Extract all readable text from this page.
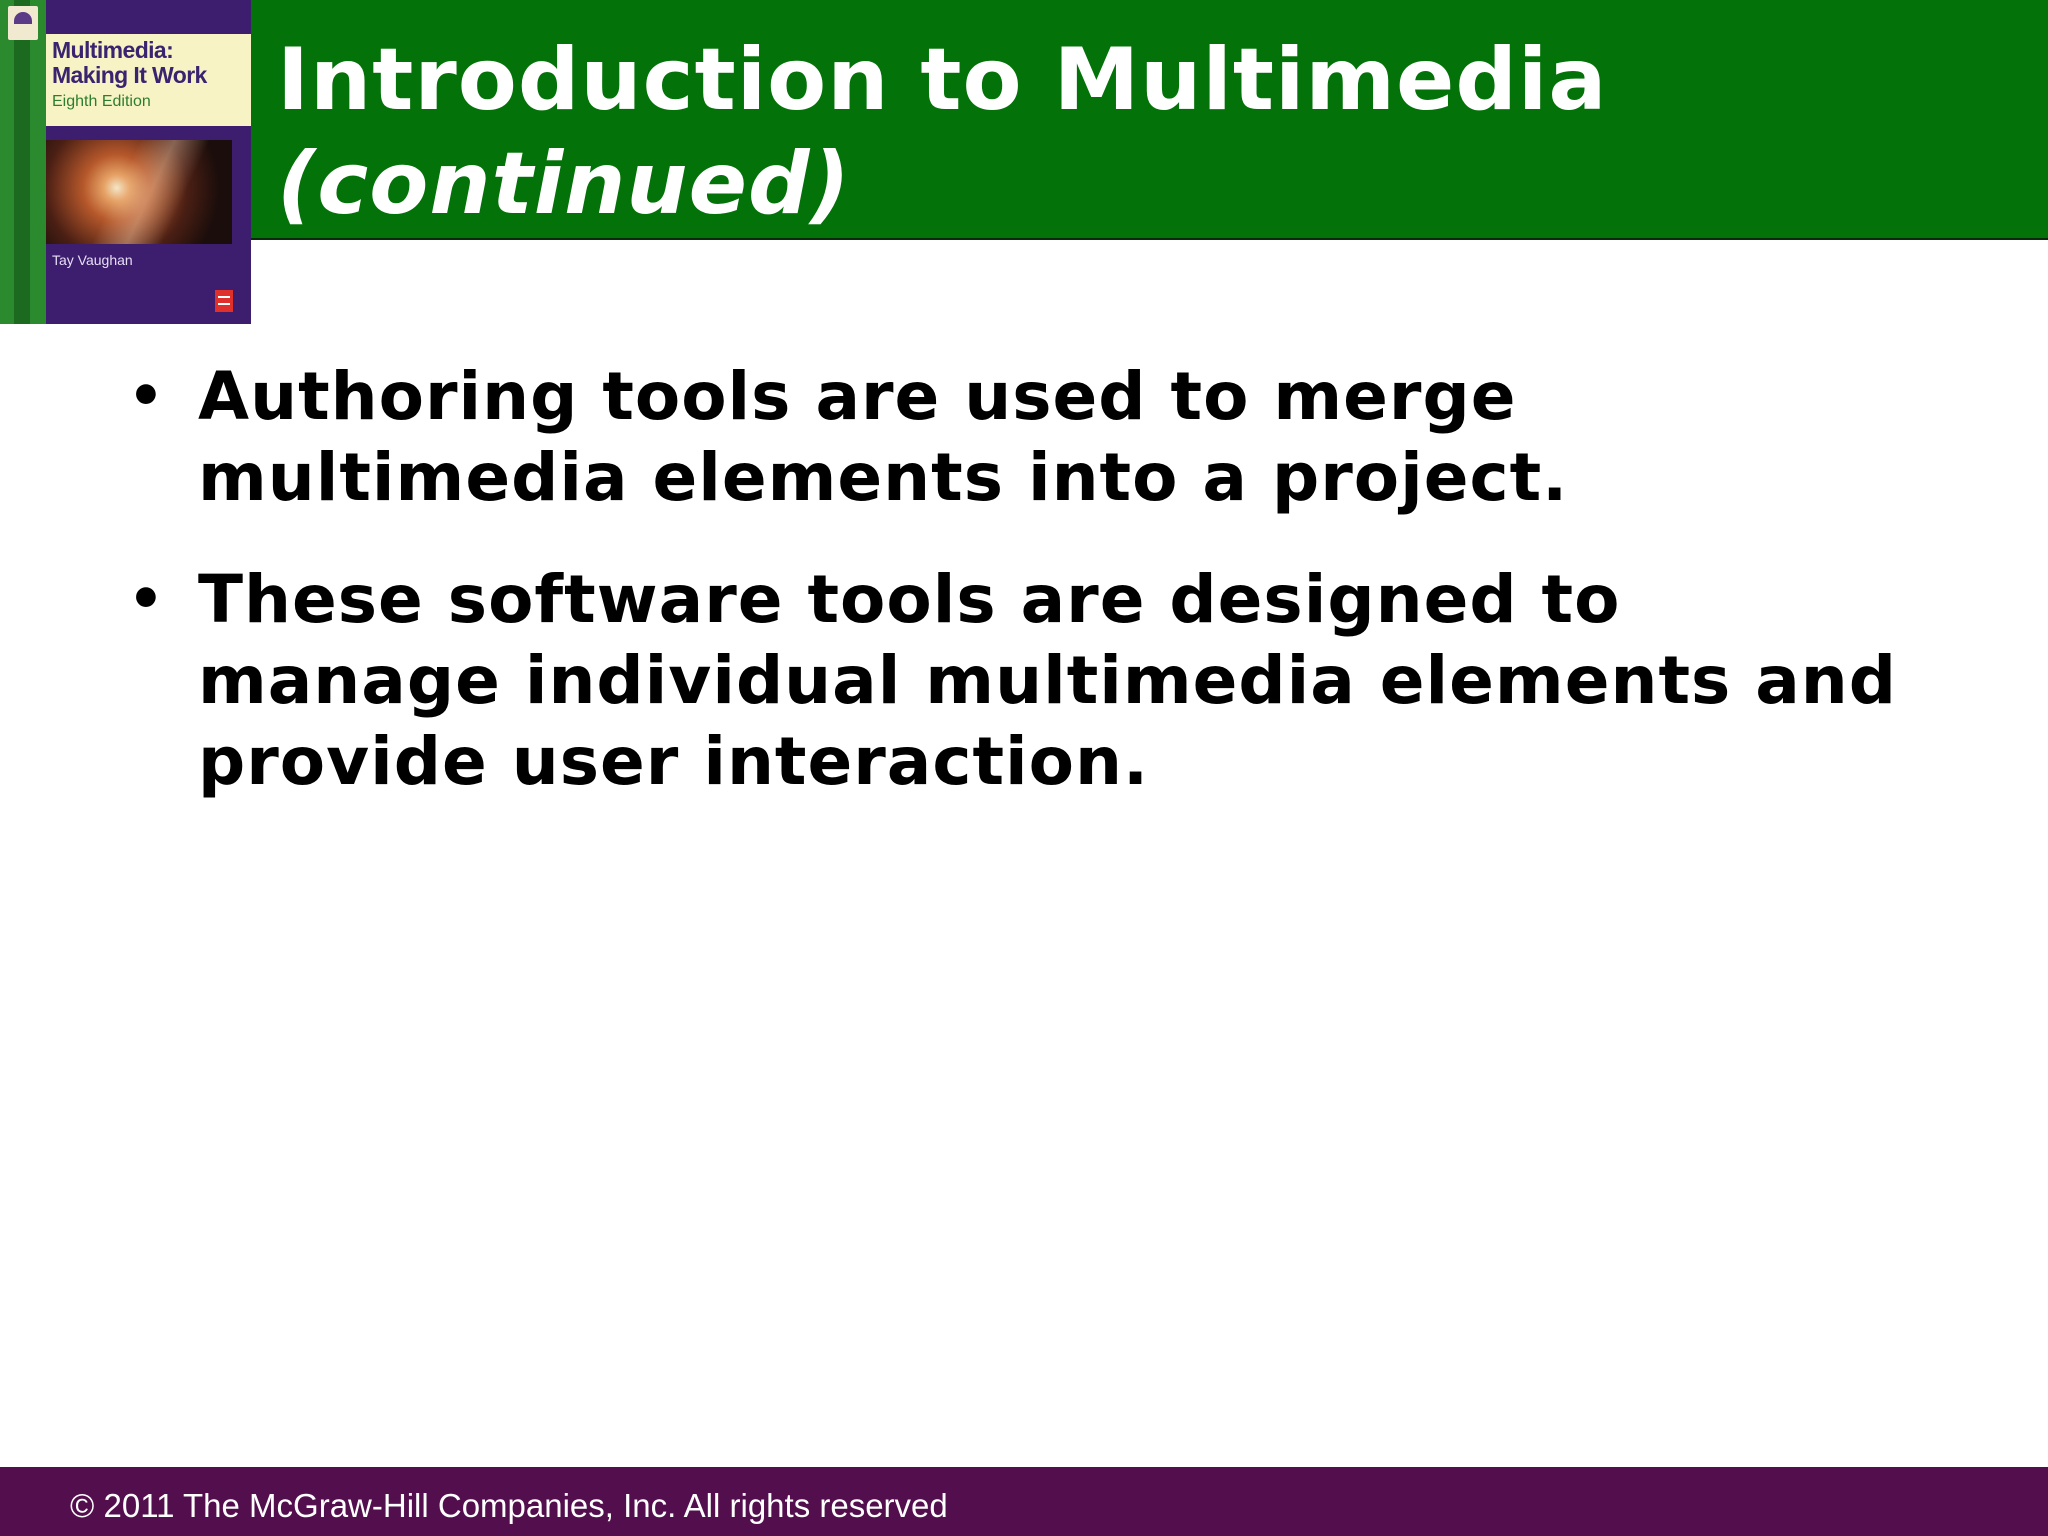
Multimedia:
Making It Work

Eighth Edition

Tay Vaughan

Introduction to Multimedia
(continued)
• Authoring tools are used to merge multimedia elements into a project.
• These software tools are designed to manage individual multimedia elements and provide user interaction.

© 2011 The McGraw-Hill Companies, Inc. All rights reserved
